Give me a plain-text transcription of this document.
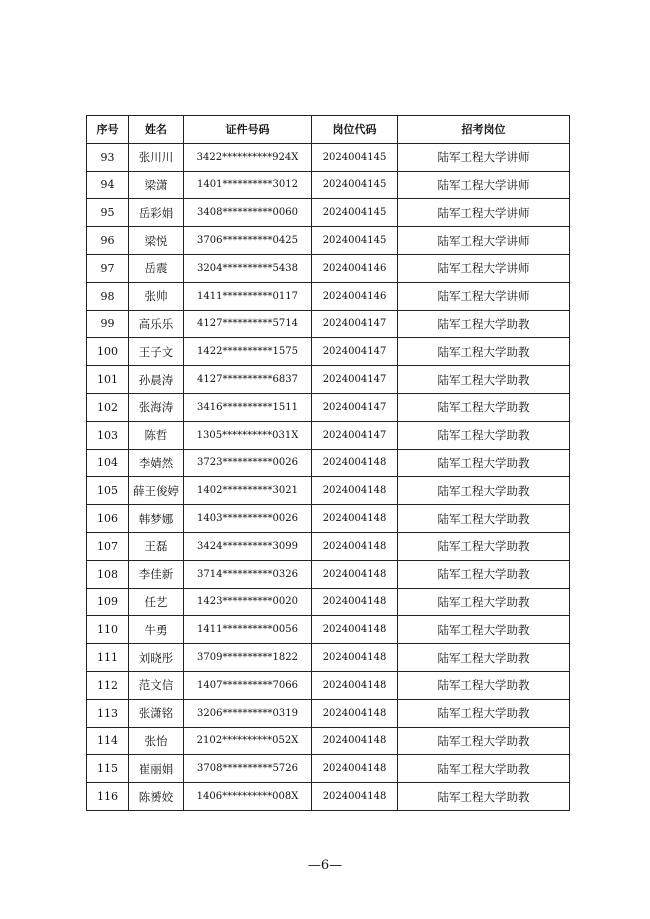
序号	姓名	证件号码	岗位代码	招考岗位
93	张川川	3422**********924X	2024004145	陆军工程大学讲师
94	梁潇	1401**********3012	2024004145	陆军工程大学讲师
95	岳彩娟	3408**********0060	2024004145	陆军工程大学讲师
96	梁悦	3706**********0425	2024004145	陆军工程大学讲师
97	岳震	3204**********5438	2024004146	陆军工程大学讲师
98	张帅	1411**********0117	2024004146	陆军工程大学讲师
99	高乐乐	4127**********5714	2024004147	陆军工程大学助教
100	王子文	1422**********1575	2024004147	陆军工程大学助教
101	孙晨涛	4127**********6837	2024004147	陆军工程大学助教
102	张海涛	3416**********1511	2024004147	陆军工程大学助教
103	陈哲	1305**********031X	2024004147	陆军工程大学助教
104	李婧然	3723**********0026	2024004148	陆军工程大学助教
105	薛王俊婷	1402**********3021	2024004148	陆军工程大学助教
106	韩梦娜	1403**********0026	2024004148	陆军工程大学助教
107	王磊	3424**********3099	2024004148	陆军工程大学助教
108	李佳新	3714**********0326	2024004148	陆军工程大学助教
109	任艺	1423**********0020	2024004148	陆军工程大学助教
110	牛勇	1411**********0056	2024004148	陆军工程大学助教
111	刘晓彤	3709**********1822	2024004148	陆军工程大学助教
112	范文信	1407**********7066	2024004148	陆军工程大学助教
113	张潇铭	3206**********0319	2024004148	陆军工程大学助教
114	张怡	2102**********052X	2024004148	陆军工程大学助教
115	崔丽娟	3708**********5726	2024004148	陆军工程大学助教
116	陈赟姣	1406**********008X	2024004148	陆军工程大学助教
—6—
